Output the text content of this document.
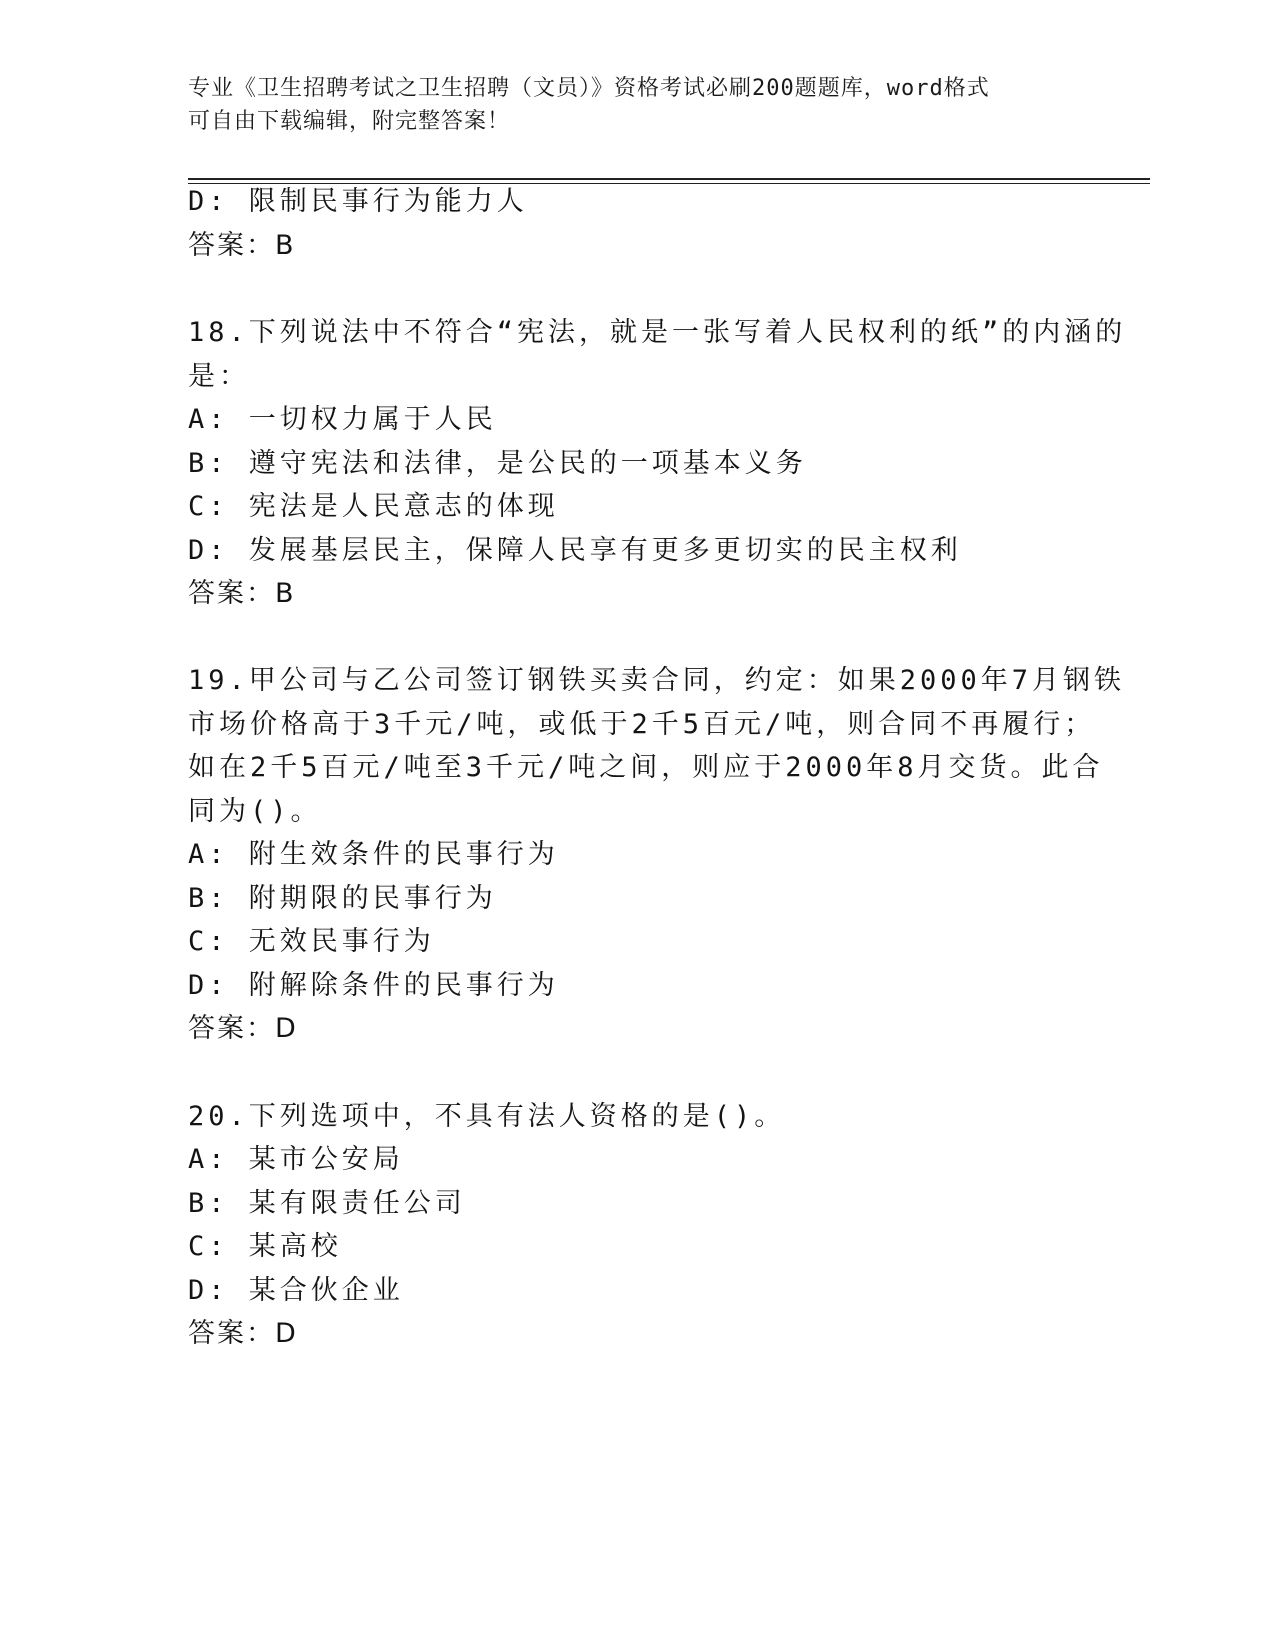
专业《卫生招聘考试之卫生招聘（文员）》资格考试必刷200题题库，word格式
可自由下载编辑，附完整答案！
D: 限制民事行为能力人
答案：B
18.下列说法中不符合“宪法，就是一张写着人民权利的纸”的内涵的
是：
A: 一切权力属于人民
B: 遵守宪法和法律，是公民的一项基本义务
C: 宪法是人民意志的体现
D: 发展基层民主，保障人民享有更多更切实的民主权利
答案：B
19.甲公司与乙公司签订钢铁买卖合同，约定：如果2000年7月钢铁
市场价格高于3千元/吨，或低于2千5百元/吨，则合同不再履行；
如在2千5百元/吨至3千元/吨之间，则应于2000年8月交货。此合
同为()。
A: 附生效条件的民事行为
B: 附期限的民事行为
C: 无效民事行为
D: 附解除条件的民事行为
答案：D
20.下列选项中，不具有法人资格的是()。
A: 某市公安局
B: 某有限责任公司
C: 某高校
D: 某合伙企业
答案：D
